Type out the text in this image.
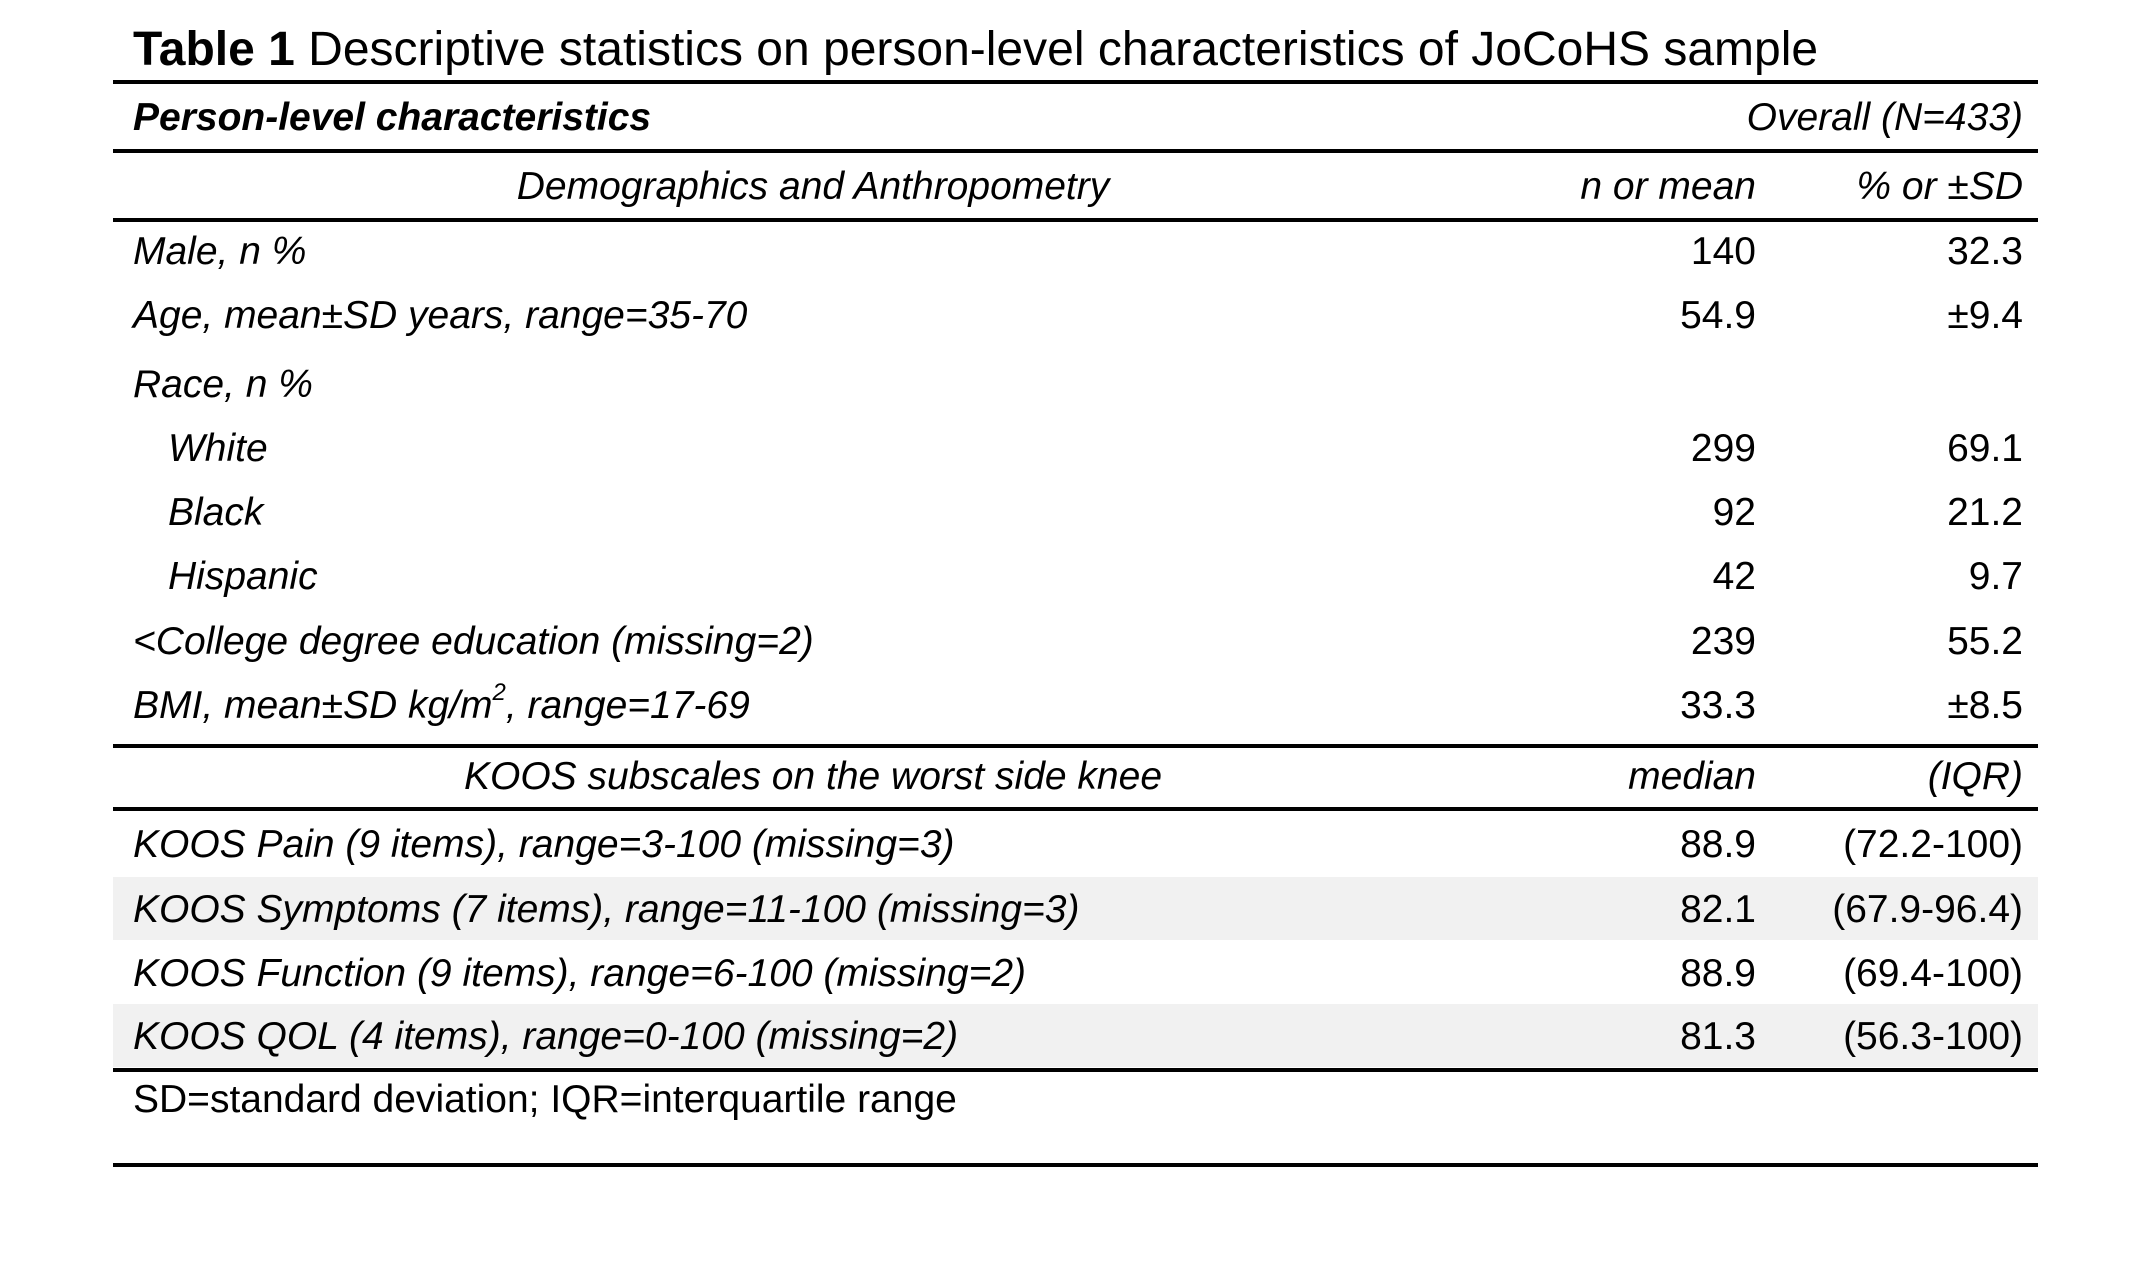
Table 1 Descriptive statistics on person-level characteristics of JoCoHS sample
Person-level characteristics	Overall (N=433)
Demographics and Anthropometry	n or mean	% or ±SD
Male, n %	140	32.3
Age, mean±SD years, range=35-70	54.9	±9.4
Race, n %
White	299	69.1
Black	92	21.2
Hispanic	42	9.7
<College degree education (missing=2)	239	55.2
BMI, mean±SD $kg/m^2$, range=17-69	33.3	±8.5
KOOS subscales on the worst side knee	median	(IQR)
KOOS Pain (9 items), range=3-100 (missing=3)	88.9 (72.2-100)
KOOS Symptoms (7 items), range=11-100 (missing=3)	82.1 (67.9-96.4)
KOOS Function (9 items), range=6-100 (missing=2)	88.9 (69.4-100)
KOOS QOL (4 items), range=0-100 (missing=2)	81.3 (56.3-100)
SD=standard deviation; IQR=interquartile range
